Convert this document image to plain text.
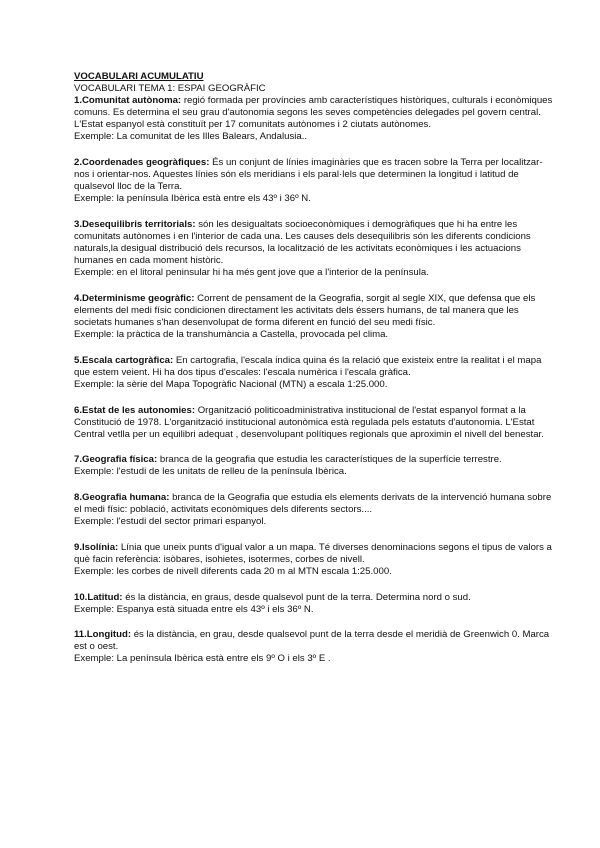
VOCABULARI ACUMULATIU

VOCABULARI TEMA 1: ESPAI GEOGRÀFIC

1.Comunitat autònoma: regió formada per províncies amb característiques històriques, culturals i econòmiques comuns. Es determina el seu grau d'autonomia segons les seves competències delegades pel govern central.

L'Estat espanyol està constituït per 17 comunitats autònomes i 2 ciutats autònomes.

Exemple: La comunitat de les Illes Balears, Andalusia..

2.Coordenades geogràfiques: És un conjunt de línies imaginàries que es tracen sobre la Terra per localitzar-nos i orientar-nos. Aquestes línies són els meridians i els paral·lels que determinen la longitud i latitud de qualsevol lloc de la Terra.

Exemple: la península Ibèrica està entre els 43º i 36º N.

3.Desequilibris territorials: són les desigualtats socioeconòmiques i demogràfiques que hi ha entre les comunitats autònomes i en l'interior de cada una. Les causes dels desequilibris són les diferents condicions naturals,la desigual distribució dels recursos, la localització de les activitats econòmiques i les actuacions humanes en cada moment històric.

Exemple: en el litoral peninsular hi ha més gent jove que a l'interior de la península.

4.Determinisme geogràfic: Corrent de pensament de la Geografia, sorgit al segle XIX, que defensa que els elements del medi físic condicionen directament les activitats dels éssers humans, de tal manera que les societats humanes s'han desenvolupat de forma diferent en funció del seu medi físic.

Exemple: la pràctica de la transhumància a Castella, provocada pel clima.

5.Escala cartogràfica: En cartografia, l'escala indica quina és la relació que existeix entre la realitat i el mapa que estem veient. Hi ha dos tipus d'escales: l'escala numèrica i l'escala gràfica.

Exemple: la sèrie del Mapa Topogràfic Nacional (MTN) a escala 1:25.000.

6.Estat de les autonomies: Organització politicoadministrativa institucional de l'estat espanyol format a la Constitució de 1978. L'organització institucional autonòmica està regulada pels estatuts d'autonomia. L'Estat Central vetlla per un equilibri adequat , desenvolupant polítiques regionals que aproximin el nivell del benestar.

7.Geografia física: branca de la geografia que estudia les característiques de la superfície terrestre.

Exemple: l'estudi de les unitats de relleu de la península Ibèrica.

8.Geografia humana: branca de la Geografia que estudia els elements derivats de la intervenció humana sobre el medi físic: població, activitats econòmiques dels diferents sectors....

Exemple: l'estudi del sector primari espanyol.

9.Isolínia: Línia que uneix punts d'igual valor a un mapa. Té diverses denominacions segons el tipus de valors a què facin referència: isòbares, isohietes, isotermes, corbes de nivell.

Exemple: les corbes de nivell diferents cada 20 m al MTN escala 1:25.000.

10.Latitud: és la distància, en graus, desde qualsevol punt de la terra. Determina nord o sud.

Exemple: Espanya està situada entre els 43º i els 36º N.

11.Longitud: és la distància, en grau, desde qualsevol punt de la terra desde el meridià de Greenwich 0. Marca est o oest.

Exemple: La península Ibèrica està entre els 9º O i els 3º E .
